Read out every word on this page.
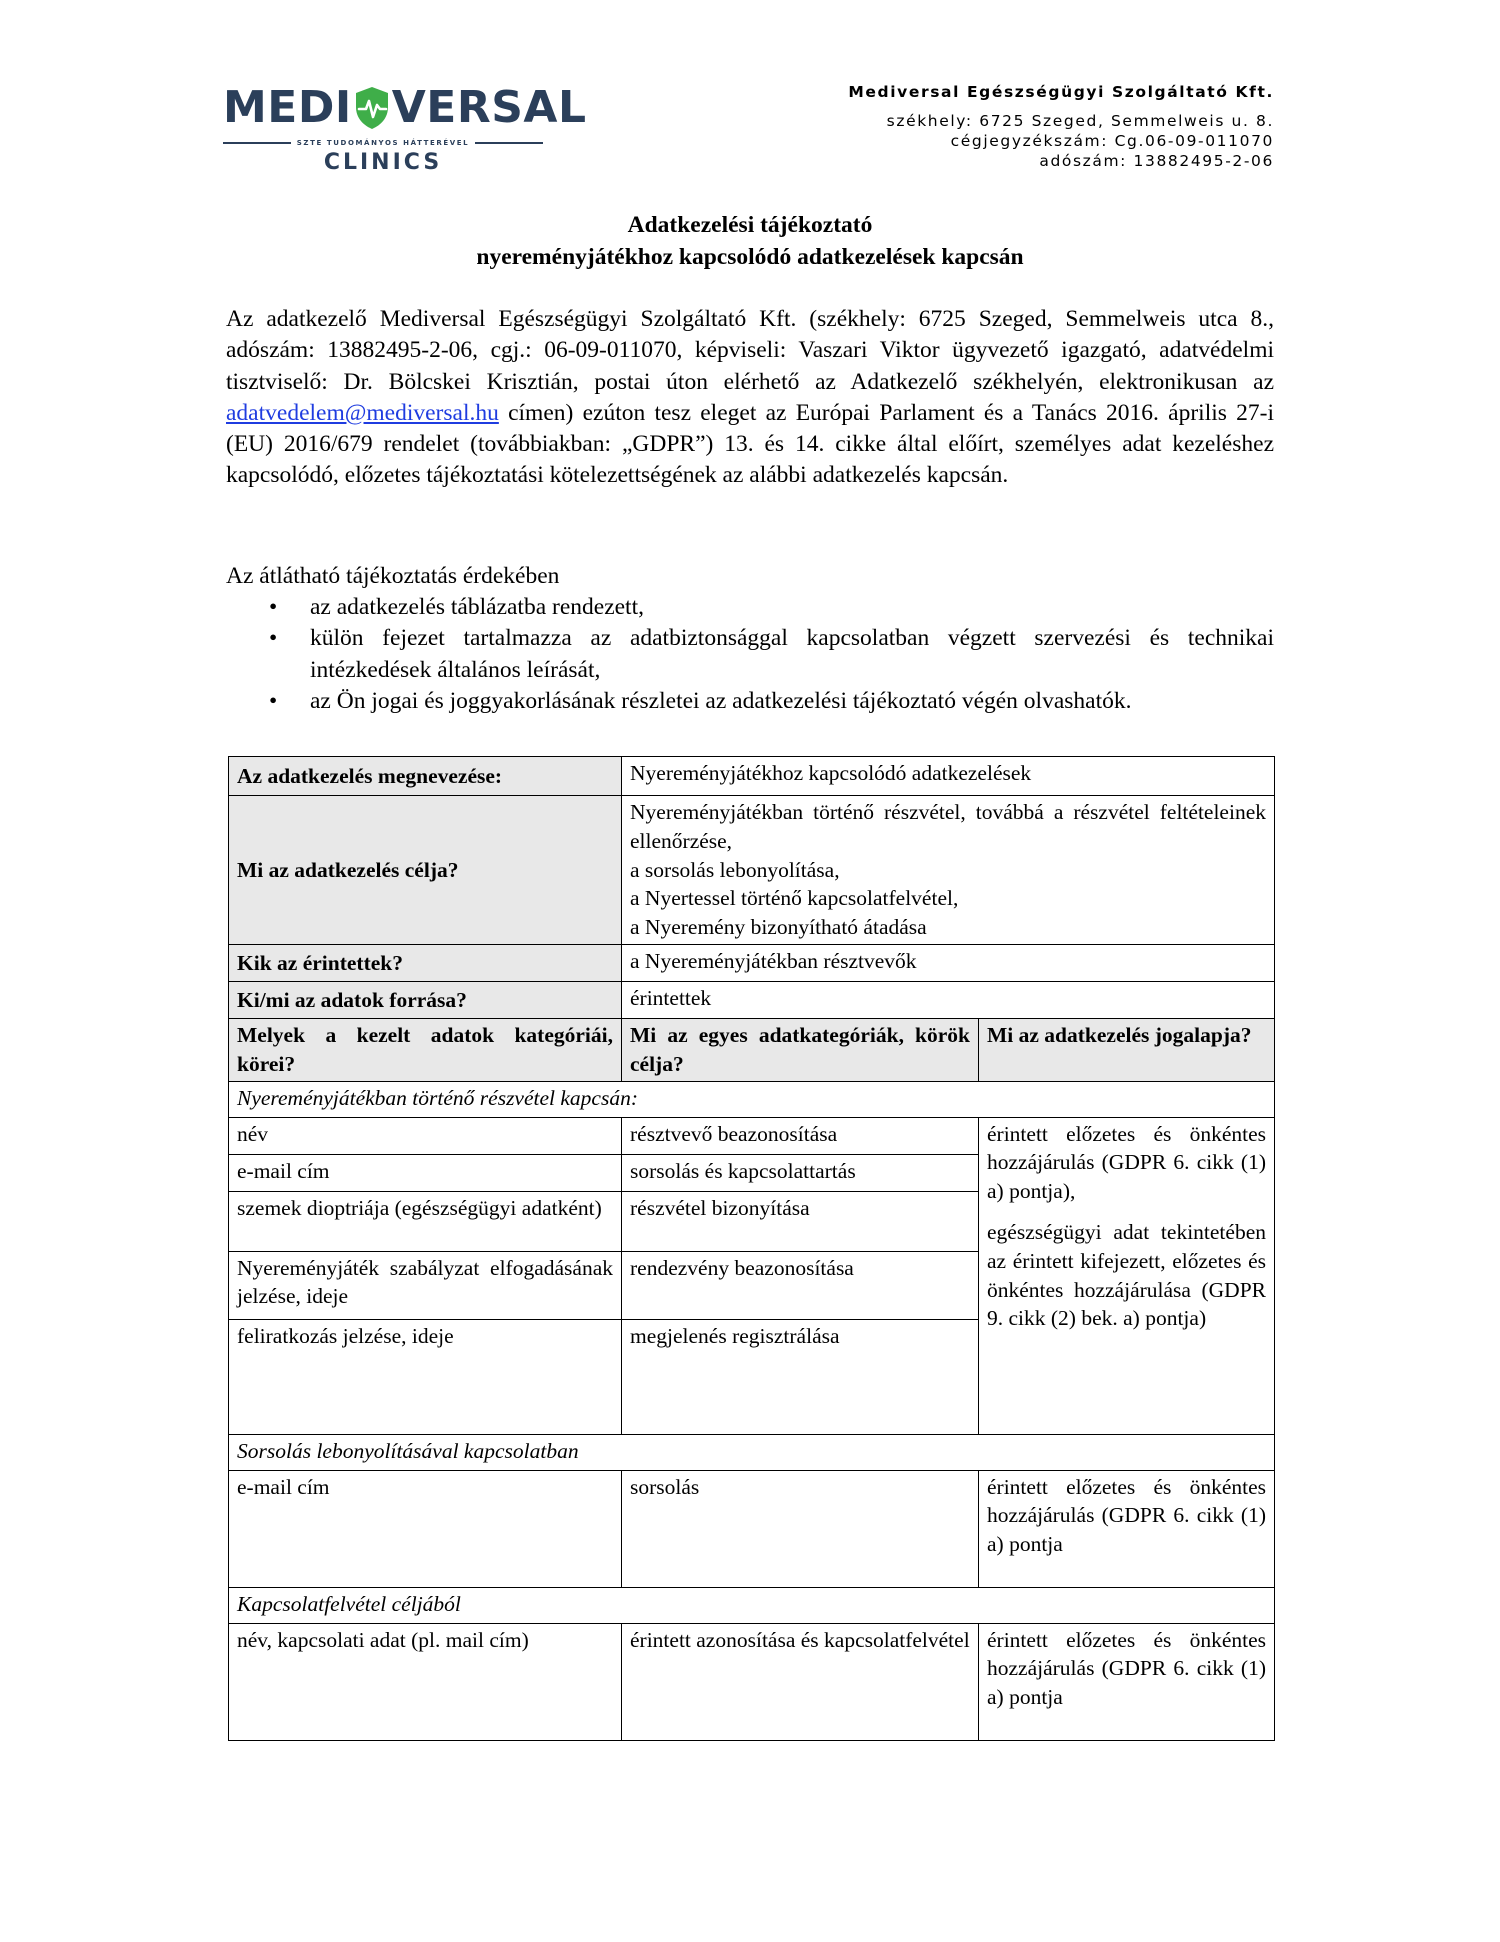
MEDI VERSAL
SZTE TUDOMÁNYOS HÁTTERÉVEL
CLINICS
Mediversal Egészségügyi Szolgáltató Kft.
székhely: 6725 Szeged, Semmelweis u. 8.
cégjegyzékszám: Cg.06-09-011070
adószám: 13882495-2-06
Adatkezelési tájékoztató
nyereményjátékhoz kapcsolódó adatkezelések kapcsán
Az adatkezelő Mediversal Egészségügyi Szolgáltató Kft. (székhely: 6725 Szeged, Semmelweis utca 8., adószám: 13882495-2-06, cgj.: 06-09-011070, képviseli: Vaszari Viktor ügyvezető igazgató, adatvédelmi tisztviselő: Dr. Bölcskei Krisztián, postai úton elérhető az Adatkezelő székhelyén, elektronikusan az adatvedelem@mediversal.hu címen) ezúton tesz eleget az Európai Parlament és a Tanács 2016. április 27-i (EU) 2016/679 rendelet (továbbiakban: „GDPR”) 13. és 14. cikke által előírt, személyes adat kezeléshez kapcsolódó, előzetes tájékoztatási kötelezettségének az alábbi adatkezelés kapcsán.
Az átlátható tájékoztatás érdekében
• az adatkezelés táblázatba rendezett,
• külön fejezet tartalmazza az adatbiztonsággal kapcsolatban végzett szervezési és technikai intézkedések általános leírását,
• az Ön jogai és joggyakorlásának részletei az adatkezelési tájékoztató végén olvashatók.
Az adatkezelés megnevezése:	Nyereményjátékhoz kapcsolódó adatkezelések	
Mi az adatkezelés célja?	Nyereményjátékban történő részvétel, továbbá a részvétel feltételeinek ellenőrzése,
a sorsolás lebonyolítása,
a Nyertessel történő kapcsolatfelvétel,
a Nyeremény bizonyítható átadása	

Kik az érintettek?	a Nyereményjátékban résztvevők	
Ki/mi az adatok forrása?	érintettek	
Melyek a kezelt adatok kategóriái, körei?	Mi az egyes adatkategóriák, körök célja?	Mi az adatkezelés jogalapja?
Nyereményjátékban történő részvétel kapcsán:		
név	résztvevő beazonosítása	érintett előzetes és önkéntes hozzájárulás (GDPR 6. cikk (1) a) pontja),
egészségügyi adat tekintetében az érintett kifejezett, előzetes és önkéntes hozzájárulása (GDPR 9. cikk (2) bek. a) pontja)

e-mail cím	sorsolás és kapcsolattartás	
szemek dioptriája (egészségügyi adatként)	részvétel bizonyítása	
Nyereményjáték szabályzat elfogadásának jelzése, ideje	rendezvény beazonosítása	
feliratkozás jelzése, ideje	megjelenés regisztrálása	
Sorsolás lebonyolításával kapcsolatban		
e-mail cím	sorsolás	érintett előzetes és önkéntes hozzájárulás (GDPR 6. cikk (1) a) pontja
Kapcsolatfelvétel céljából		
név, kapcsolati adat (pl. mail cím)	érintett azonosítása és kapcsolatfelvétel	érintett előzetes és önkéntes hozzájárulás (GDPR 6. cikk (1) a) pontja
